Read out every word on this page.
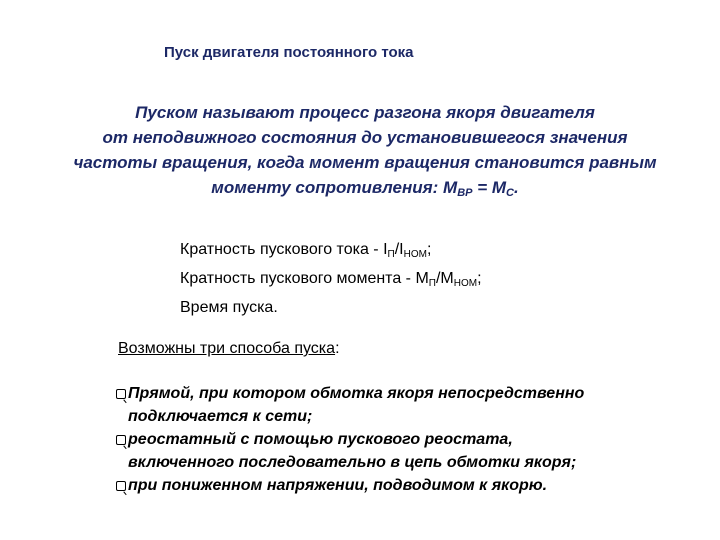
Пуск двигателя постоянного тока
Пуском называют процесс разгона якоря двигателя
от неподвижного состояния до установившегося значения
частоты вращения, когда момент вращения становится равным
моменту сопротивления: $М_{ВР} = М_С$.
Кратность пускового тока - $I_П/I_{НОМ}$;
Кратность пускового момента - $М_П/М_{НОМ}$;
Время пуска.
Возможны три способа пуска:
Прямой, при котором обмотка якоря непосредственно
подключается к сети;
реостатный с помощью пускового реостата,
включенного последовательно в цепь обмотки якоря;
при пониженном напряжении, подводимом к якорю.
